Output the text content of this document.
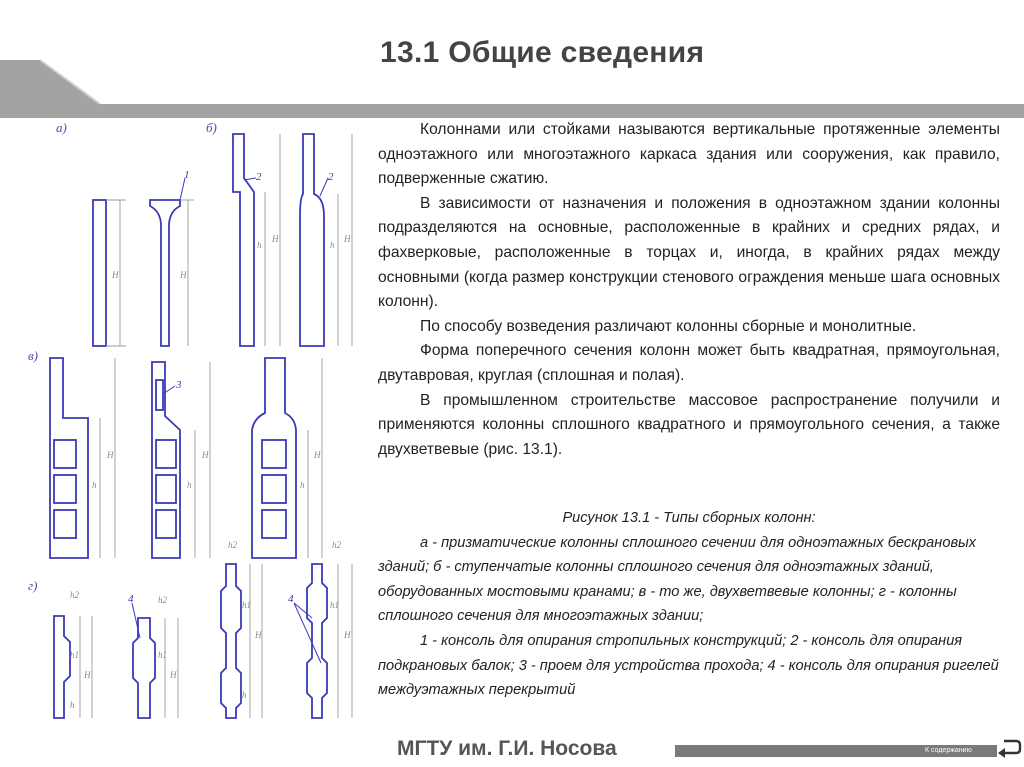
13.1 Общие сведения
а)	б)
в)
г)
1	2	2
3
4	4
H	H
h
H
h
H
h
H
h
H
h
H
h2
h1
H
h
h2
h1
H
h2
h1
H
h
h2
h1
H

Колоннами или стойками называются вертикальные протяженные элементы одноэтажного или многоэтажного каркаса здания или сооружения, как правило, подверженные сжатию.

В зависимости от назначения и положения в одноэтажном здании колонны подразделяются на основные, расположенные в крайних и средних рядах, и фахверковые, расположенные в торцах и, иногда, в крайних рядах между основными (когда размер конструкции стенового ограждения меньше шага основных колонн).

По способу возведения различают колонны сборные и монолитные.

Форма поперечного сечения колонн может быть квадратная, прямоугольная, двутавровая, круглая (сплошная и полая).

В промышленном строительстве массовое распространение получили и применяются колонны сплошного квадратного и прямоугольного сечения, а также двухветвевые (рис. 13.1).

Рисунок 13.1 - Типы сборных колонн:

а - призматические колонны сплошного сечении для одноэтажных бескрановых зданий; б - ступенчатые колонны сплошного сечения для одноэтажных зданий, оборудованных мостовыми кранами; в - то же, двухветвевые колонны; г - колонны сплошного сечения для многоэтажных здании;

1 - консоль для опирания стропильных конструкций; 2 - консоль для опирания подкрановых балок; 3 - проем для устройства прохода; 4 - консоль для опирания ригелей междуэтажных перекрытий

МГТУ им. Г.И. Носова	К содержанию
